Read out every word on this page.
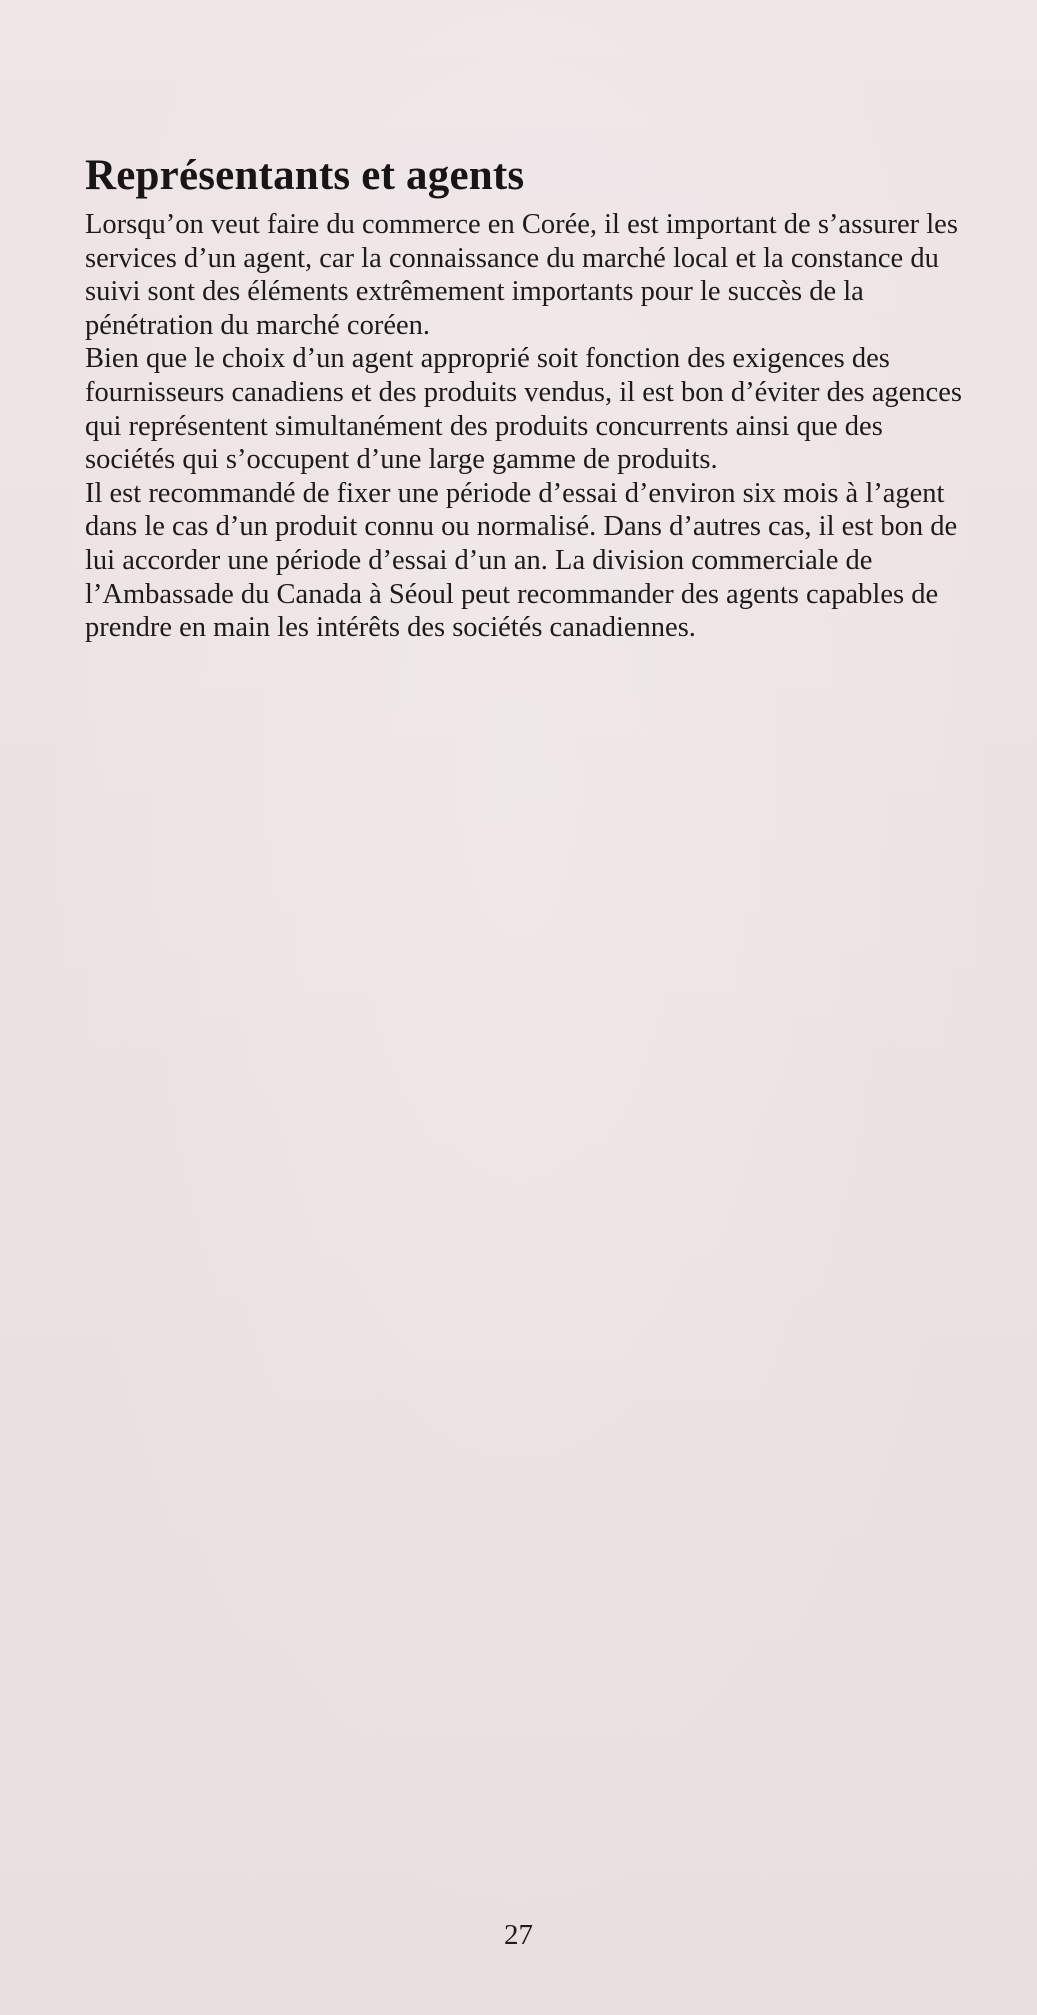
Représentants et agents

Lorsqu’on veut faire du commerce en Corée, il est important de s’assurer les services d’un agent, car la connaissance du marché local et la constance du suivi sont des éléments extrêmement importants pour le succès de la pénétration du marché coréen.

Bien que le choix d’un agent approprié soit fonction des exigences des fournisseurs canadiens et des produits vendus, il est bon d’éviter des agences qui représentent simultanément des produits concurrents ainsi que des sociétés qui s’occupent d’une large gamme de produits.

Il est recommandé de fixer une période d’essai d’environ six mois à l’agent dans le cas d’un produit connu ou normalisé. Dans d’autres cas, il est bon de lui accorder une période d’essai d’un an. La division commerciale de l’Ambassade du Canada à Séoul peut recommander des agents capables de prendre en main les intérêts des sociétés canadiennes.

27
